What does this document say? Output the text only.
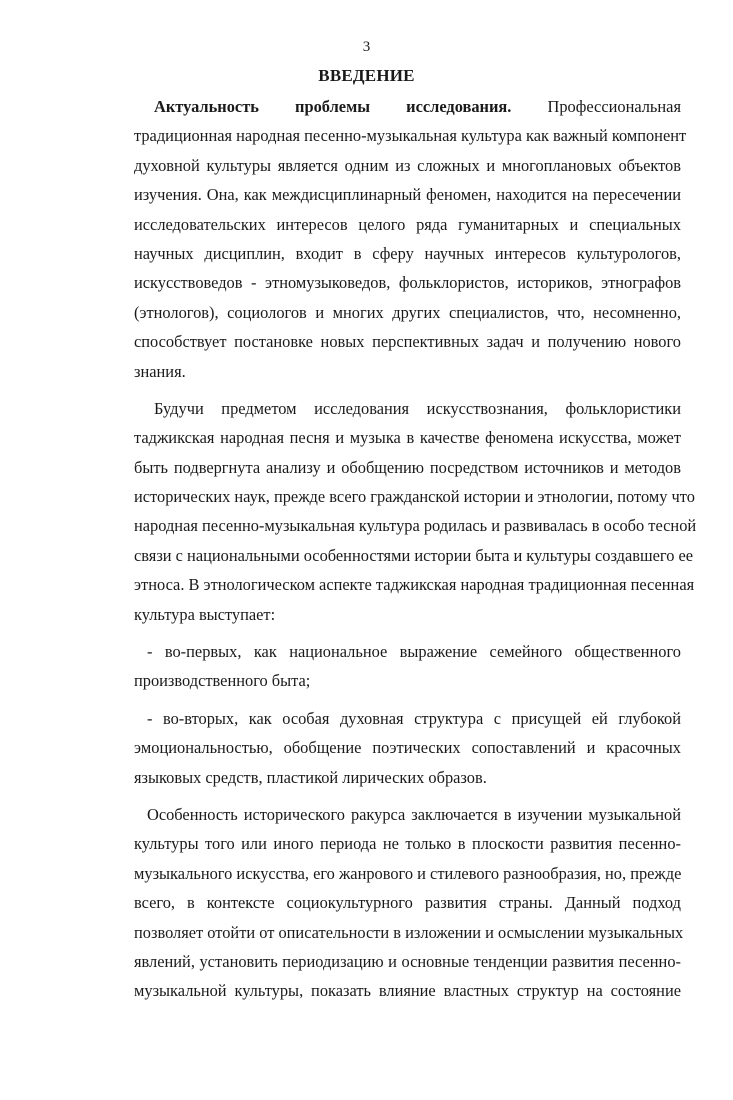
3
ВВЕДЕНИЕ
Актуальность проблемы исследования. Профессиональная
традиционная народная песенно-музыкальная культура как важный компонент
духовной культуры является одним из сложных и многоплановых объектов
изучения. Она, как междисциплинарный феномен, находится на пересечении
исследовательских интересов целого ряда гуманитарных и специальных
научных дисциплин, входит в сферу научных интересов культурологов,
искусствоведов - этномузыковедов, фольклористов, историков, этнографов
(этнологов), социологов и многих других специалистов, что, несомненно,
способствует постановке новых перспективных задач и получению нового
знания.
Будучи предметом исследования искусствознания, фольклористики
таджикская народная песня и музыка в качестве феномена искусства, может
быть подвергнута анализу и обобщению посредством источников и методов
исторических наук, прежде всего гражданской истории и этнологии, потому что
народная песенно-музыкальная культура родилась и развивалась в особо тесной
связи с национальными особенностями истории быта и культуры создавшего ее
этноса. В этнологическом аспекте таджикская народная традиционная песенная
культура выступает:
- во-первых, как национальное выражение семейного общественного
производственного быта;
- во-вторых, как особая духовная структура с присущей ей глубокой
эмоциональностью, обобщение поэтических сопоставлений и красочных
языковых средств, пластикой лирических образов.
Особенность исторического ракурса заключается в изучении музыкальной
культуры того или иного периода не только в плоскости развития песенно-
музыкального искусства, его жанрового и стилевого разнообразия, но, прежде
всего, в контексте социокультурного развития страны. Данный подход
позволяет отойти от описательности в изложении и осмыслении музыкальных
явлений, установить периодизацию и основные тенденции развития песенно-
музыкальной культуры, показать влияние властных структур на состояние
